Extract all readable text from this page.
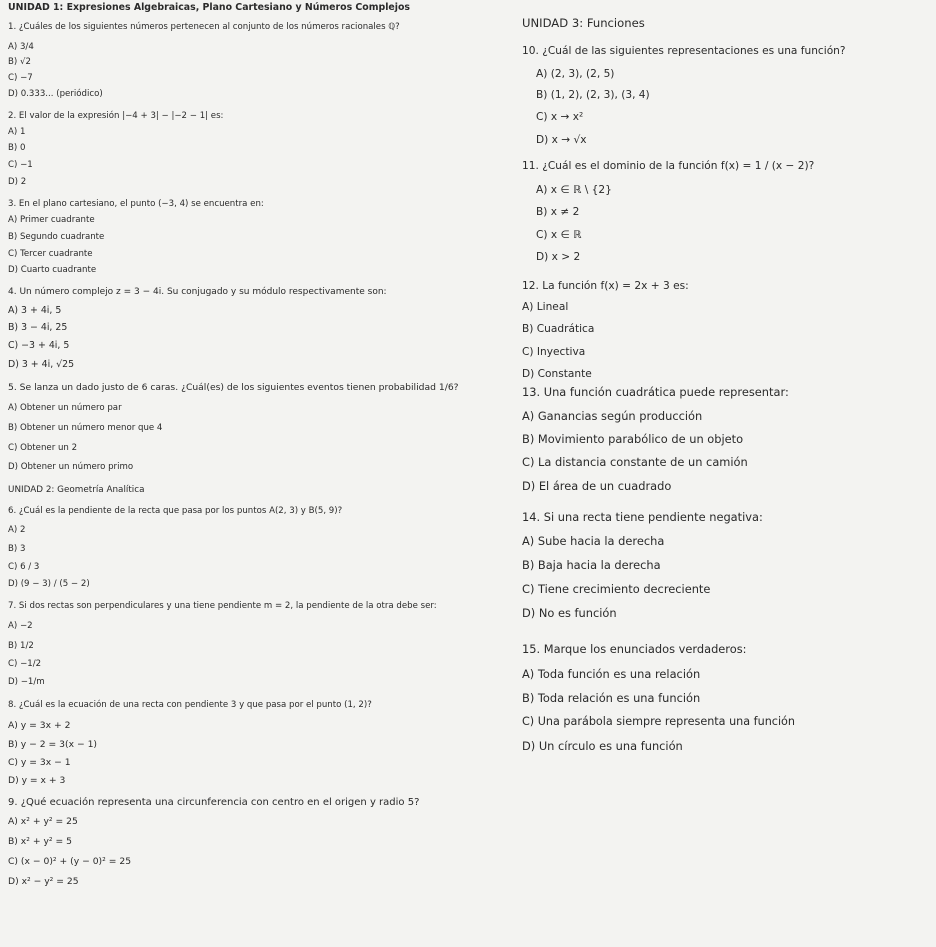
UNIDAD 1: Expresiones Algebraicas, Plano Cartesiano y Números Complejos
1. ¿Cuáles de los siguientes números pertenecen al conjunto de los números racionales ℚ?
A) 3/4
B) √2
C) −7
D) 0.333... (periódico)
2. El valor de la expresión |−4 + 3| − |−2 − 1| es:
A) 1
B) 0
C) −1
D) 2
3. En el plano cartesiano, el punto (−3, 4) se encuentra en:
A) Primer cuadrante
B) Segundo cuadrante
C) Tercer cuadrante
D) Cuarto cuadrante
4. Un número complejo z = 3 − 4i. Su conjugado y su módulo respectivamente son:
A) 3 + 4i, 5
B) 3 − 4i, 25
C) −3 + 4i, 5
D) 3 + 4i, √25
5. Se lanza un dado justo de 6 caras. ¿Cuál(es) de los siguientes eventos tienen probabilidad 1/6?
A) Obtener un número par
B) Obtener un número menor que 4
C) Obtener un 2
D) Obtener un número primo
UNIDAD 2: Geometría Analítica
6. ¿Cuál es la pendiente de la recta que pasa por los puntos A(2, 3) y B(5, 9)?
A) 2
B) 3
C) 6 / 3
D) (9 − 3) / (5 − 2)
7. Si dos rectas son perpendiculares y una tiene pendiente m = 2, la pendiente de la otra debe ser:
A) −2
B) 1/2
C) −1/2
D) −1/m
8. ¿Cuál es la ecuación de una recta con pendiente 3 y que pasa por el punto (1, 2)?
A) y = 3x + 2
B) y − 2 = 3(x − 1)
C) y = 3x − 1
D) y = x + 3
9. ¿Qué ecuación representa una circunferencia con centro en el origen y radio 5?
A) x² + y² = 25
B) x² + y² = 5
C) (x − 0)² + (y − 0)² = 25
D) x² − y² = 25
UNIDAD 3: Funciones
10. ¿Cuál de las siguientes representaciones es una función?
A) (2, 3), (2, 5)
B) (1, 2), (2, 3), (3, 4)
C) x → x²
D) x → √x
11. ¿Cuál es el dominio de la función f(x) = 1 / (x − 2)?
A) x ∈ ℝ \ {2}
B) x ≠ 2
C) x ∈ ℝ
D) x > 2
12. La función f(x) = 2x + 3 es:
A) Lineal
B) Cuadrática
C) Inyectiva
D) Constante
13. Una función cuadrática puede representar:
A) Ganancias según producción
B) Movimiento parabólico de un objeto
C) La distancia constante de un camión
D) El área de un cuadrado
14. Si una recta tiene pendiente negativa:
A) Sube hacia la derecha
B) Baja hacia la derecha
C) Tiene crecimiento decreciente
D) No es función
15. Marque los enunciados verdaderos:
A) Toda función es una relación
B) Toda relación es una función
C) Una parábola siempre representa una función
D) Un círculo es una función
